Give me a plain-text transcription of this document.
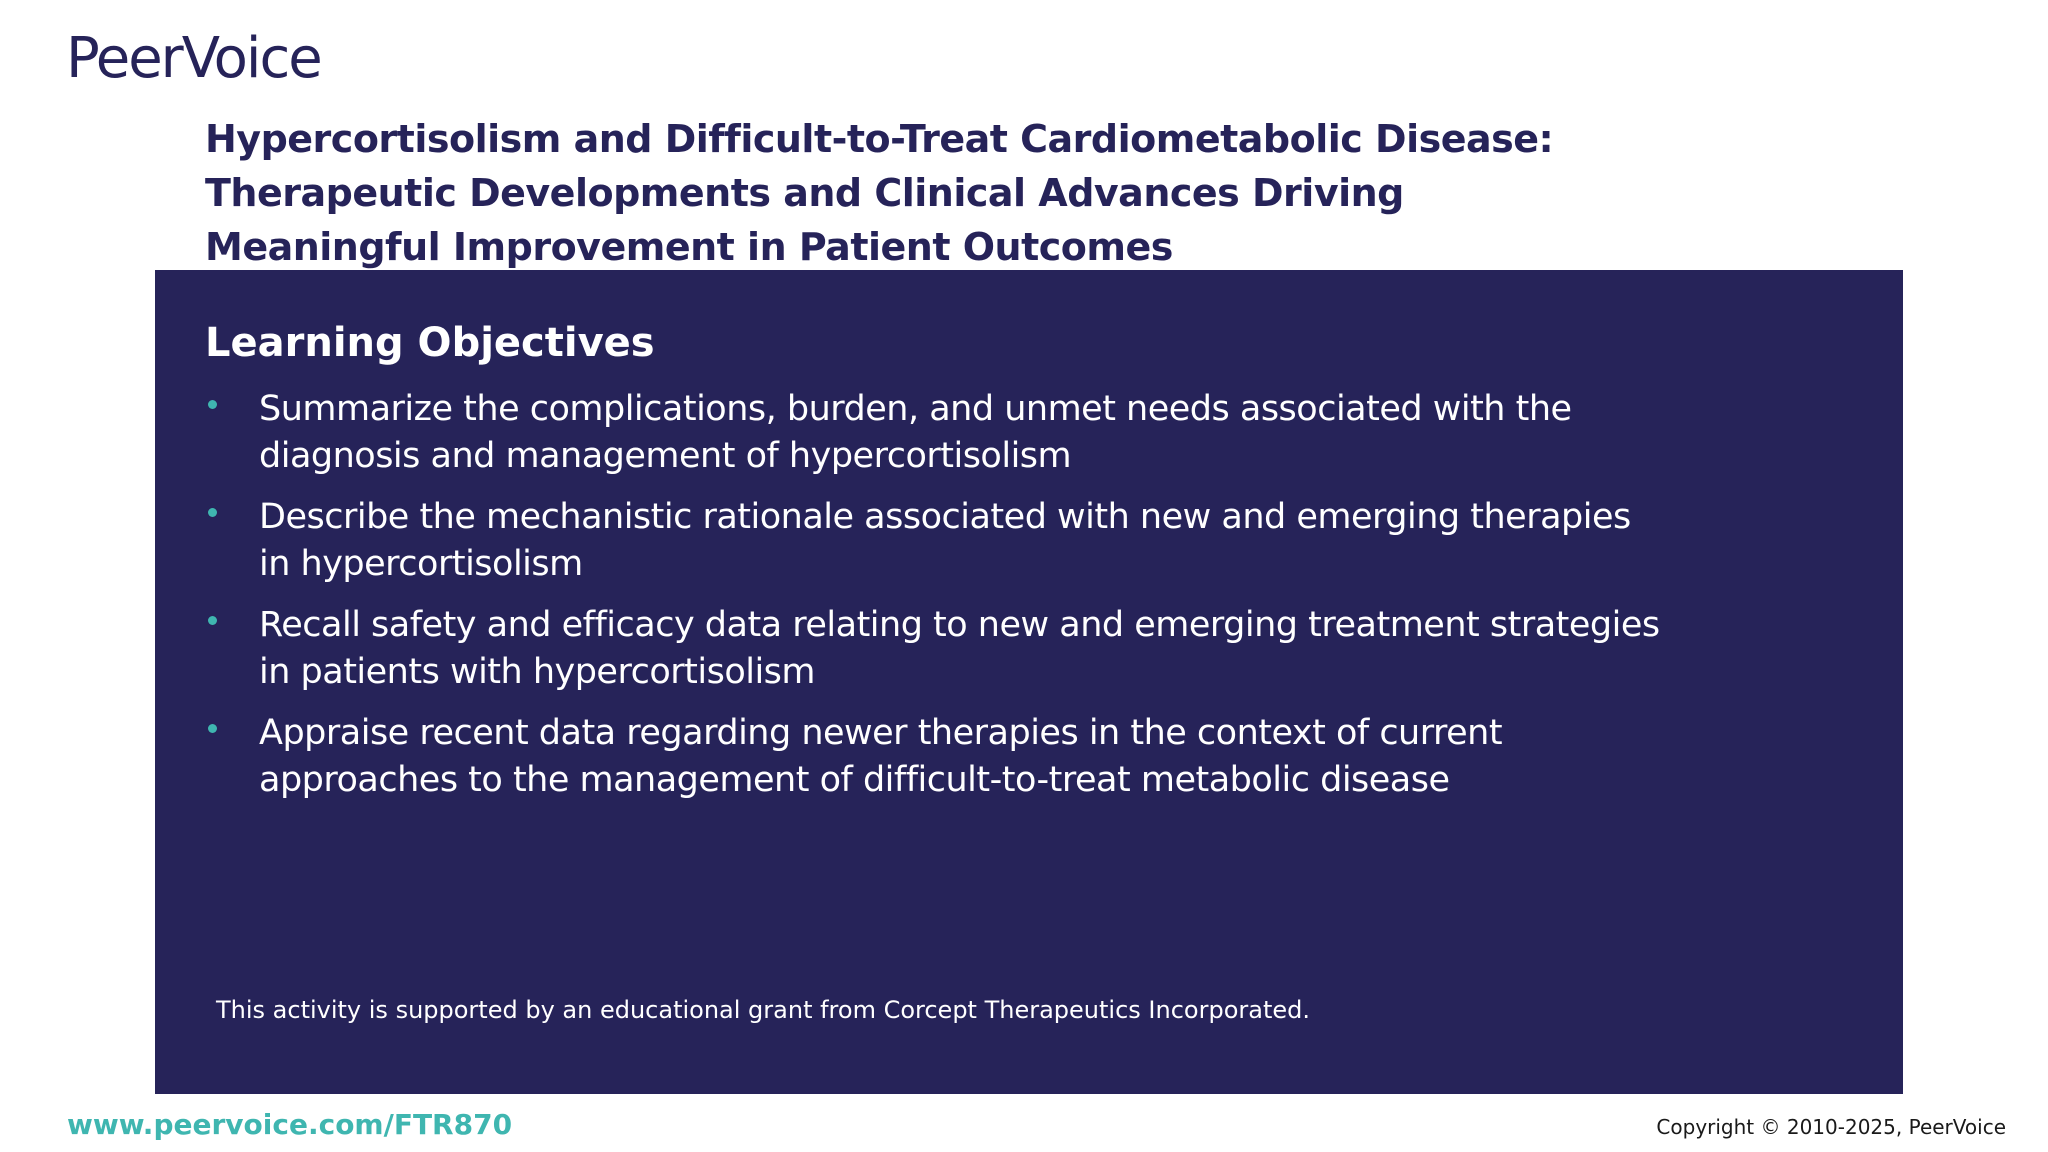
PeerVoice
Hypercortisolism and Difficult-to-Treat Cardiometabolic Disease:
Therapeutic Developments and Clinical Advances Driving
Meaningful Improvement in Patient Outcomes
Learning Objectives
Summarize the complications, burden, and unmet needs associated with the
diagnosis and management of hypercortisolism
Describe the mechanistic rationale associated with new and emerging therapies
in hypercortisolism
Recall safety and efficacy data relating to new and emerging treatment strategies
in patients with hypercortisolism
Appraise recent data regarding newer therapies in the context of current
approaches to the management of difficult-to-treat metabolic disease
This activity is supported by an educational grant from Corcept Therapeutics Incorporated.
www.peervoice.com/FTR870	Copyright © 2010-2025, PeerVoice
